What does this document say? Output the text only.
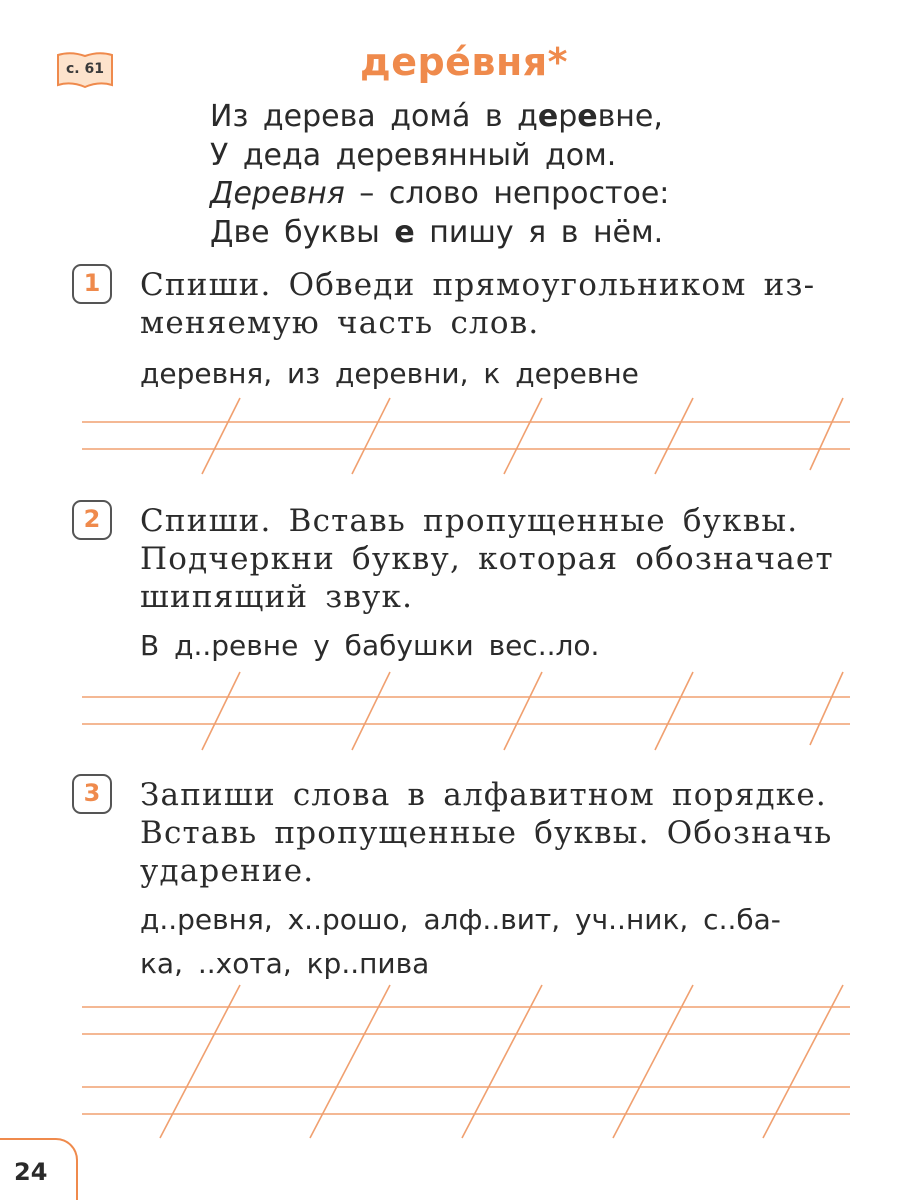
с. 61	дере́вня*
Из дерева домá в деревне,
У деда деревянный дом.
Деревня – слово непростое:
Две буквы е пишу я в нём.
1	Спиши. Обведи прямоугольником из-
меняемую часть слов.
деревня, из деревни, к деревне
2	Спиши. Вставь пропущенные буквы.
Подчеркни букву, которая обозначает
шипящий звук.
В д..ревне у бабушки вес..ло.
3	Запиши слова в алфавитном порядке.
Вставь пропущенные буквы. Обозначь
ударение.
д..ревня, х..рошо, алф..вит, уч..ник, с..ба-
ка, ..хота, кр..пива
24
